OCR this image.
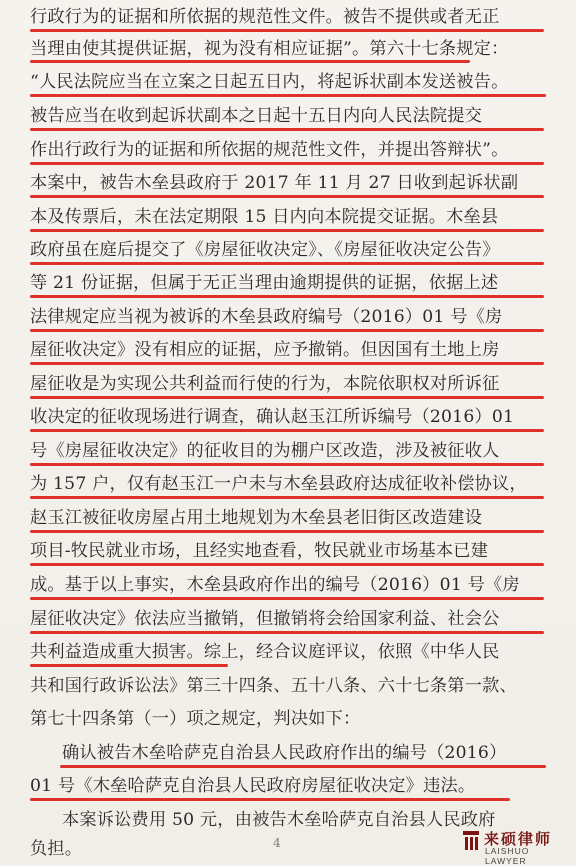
行政行为的证据和所依据的规范性文件。被告不提供或者无正
当理由使其提供证据，视为没有相应证据”。第六十七条规定：
“人民法院应当在立案之日起五日内，将起诉状副本发送被告。
被告应当在收到起诉状副本之日起十五日内向人民法院提交
作出行政行为的证据和所依据的规范性文件，并提出答辩状”。
本案中，被告木垒县政府于 2017 年 11 月 27 日收到起诉状副
本及传票后，未在法定期限 15 日内向本院提交证据。木垒县
政府虽在庭后提交了《房屋征收决定》、《房屋征收决定公告》
等 21 份证据，但属于无正当理由逾期提供的证据，依据上述
法律规定应当视为被诉的木垒县政府编号（2016）01 号《房
屋征收决定》没有相应的证据，应予撤销。但因国有土地上房
屋征收是为实现公共利益而行使的行为，本院依职权对所诉征
收决定的征收现场进行调查，确认赵玉江所诉编号（2016）01
号《房屋征收决定》的征收目的为棚户区改造，涉及被征收人
为 157 户，仅有赵玉江一户未与木垒县政府达成征收补偿协议，
赵玉江被征收房屋占用土地规划为木垒县老旧街区改造建设
项目-牧民就业市场，且经实地查看，牧民就业市场基本已建
成。基于以上事实，木垒县政府作出的编号（2016）01 号《房
屋征收决定》依法应当撤销，但撤销将会给国家利益、社会公
共利益造成重大损害。综上，经合议庭评议，依照《中华人民
共和国行政诉讼法》第三十四条、五十八条、六十七条第一款、
第七十四条第（一）项之规定，判决如下：
确认被告木垒哈萨克自治县人民政府作出的编号（2016）
01 号《木垒哈萨克自治县人民政府房屋征收决定》违法。
本案诉讼费用 50 元，由被告木垒哈萨克自治县人民政府
负担。	4	来硕律师
LAISHUO LAWYER
